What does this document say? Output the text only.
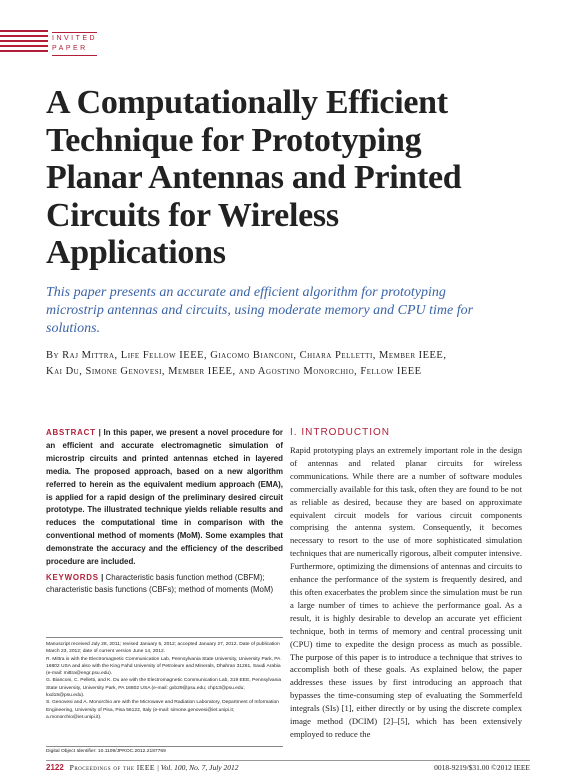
INVITED
PAPER
A Computationally Efficient Technique for Prototyping Planar Antennas and Printed Circuits for Wireless Applications
This paper presents an accurate and efficient algorithm for prototyping microstrip antennas and circuits, using moderate memory and CPU time for solutions.
By Raj Mittra, Life Fellow IEEE, Giacomo Bianconi, Chiara Pelletti, Member IEEE,
Kai Du, Simone Genovesi, Member IEEE, and Agostino Monorchio, Fellow IEEE
ABSTRACT | In this paper, we present a novel procedure for an efficient and accurate electromagnetic simulation of microstrip circuits and printed antennas etched in layered media. The proposed approach, based on a new algorithm referred to herein as the equivalent medium approach (EMA), is applied for a rapid design of the preliminary desired circuit prototype. The illustrated technique yields reliable results and reduces the computational time in comparison with the conventional method of moments (MoM). Some examples that demonstrate the accuracy and the efficiency of the described procedure are included.
KEYWORDS | Characteristic basis function method (CBFM); characteristic basis functions (CBFs); method of moments (MoM)
Manuscript received July 28, 2011; revised January 5, 2012; accepted January 27, 2012. Date of publication March 23, 2012; date of current version June 14, 2012.
R. Mittra is with the Electromagnetic Communication Lab, Pennsylvania State University, University Park, PA 16802 USA and also with the King Fahd University of Petroleum and Minerals, Dhahran 31261, Saudi Arabia (e-mail: mittra@engr.psu.edu).
G. Bianconi, C. Pelletti, and K. Du are with the Electromagnetic Communication Lab, 319 EEE, Pennsylvania State University, University Park, PA 16802 USA (e-mail: gxb29@psu.edu; chp13@psu.edu; kxd15@psu.edu).
S. Genovesi and A. Monorchio are with the Microwave and Radiation Laboratory, Department of Information Engineering, University of Pisa, Pisa 56122, Italy (e-mail: simone.genovesi@iet.unipi.it; a.monorchio@iet.unipi.it).
Digital Object Identifier: 10.1109/JPROC.2012.2187769
I. INTRODUCTION
Rapid prototyping plays an extremely important role in the design of antennas and related planar circuits for wireless communications. While there are a number of software modules commercially available for this task, often they are found to be not as reliable as desired, because they are based on approximate equivalent circuit models for various circuit components comprising the antenna system. Consequently, it becomes necessary to resort to the use of more sophisticated simulation techniques that are numerically rigorous, albeit computer intensive. Furthermore, optimizing the dimensions of antennas and circuits to enhance the performance of the system is frequently desired, and this often exacerbates the problem since the simulation must be run a large number of times to achieve the performance goal. As a result, it is highly desirable to develop an accurate yet efficient technique, both in terms of memory and central processing unit (CPU) time to expedite the design process as much as possible. The purpose of this paper is to introduce a technique that strives to accomplish both of these goals. As explained below, the paper addresses these issues by first introducing an approach that bypasses the time-consuming step of evaluating the Sommerfeld integrals (SIs) [1], either directly or by using the discrete complex image method (DCIM) [2]–[5], which has been extensively employed to reduce the
2122 Proceedings of the IEEE | Vol. 100, No. 7, July 2012	0018-9219/$31.00 ©2012 IEEE
